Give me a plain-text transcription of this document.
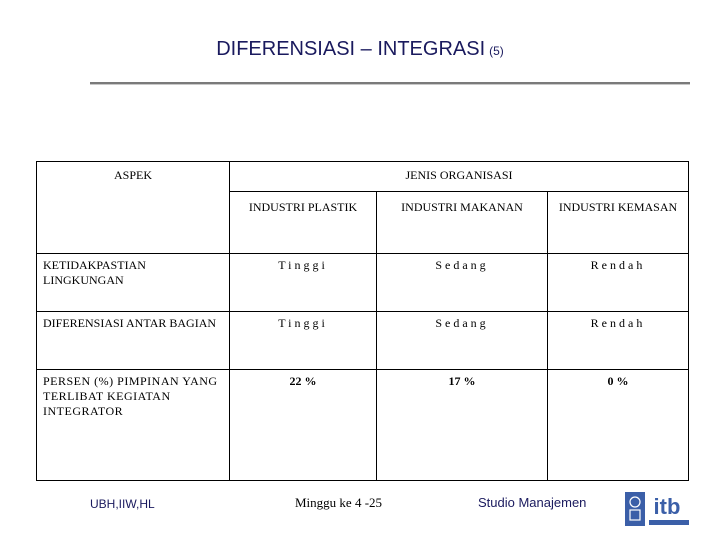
DIFERENSIASI – INTEGRASI (5)
ASPEK	JENIS ORGANISASI		
	INDUSTRI PLASTIK	INDUSTRI MAKANAN	INDUSTRI KEMASAN
KETIDAKPASTIAN LINGKUNGAN	Tinggi	Sedang	Rendah
DIFERENSIASI ANTAR BAGIAN	Tinggi	Sedang	Rendah
PERSEN (%) PIMPINAN YANG TERLIBAT KEGIATAN INTEGRATOR	22 %	17 %	0 %
UBH,IIW,HL	Minggu ke 4 -25	Studio Manajemen	itb
